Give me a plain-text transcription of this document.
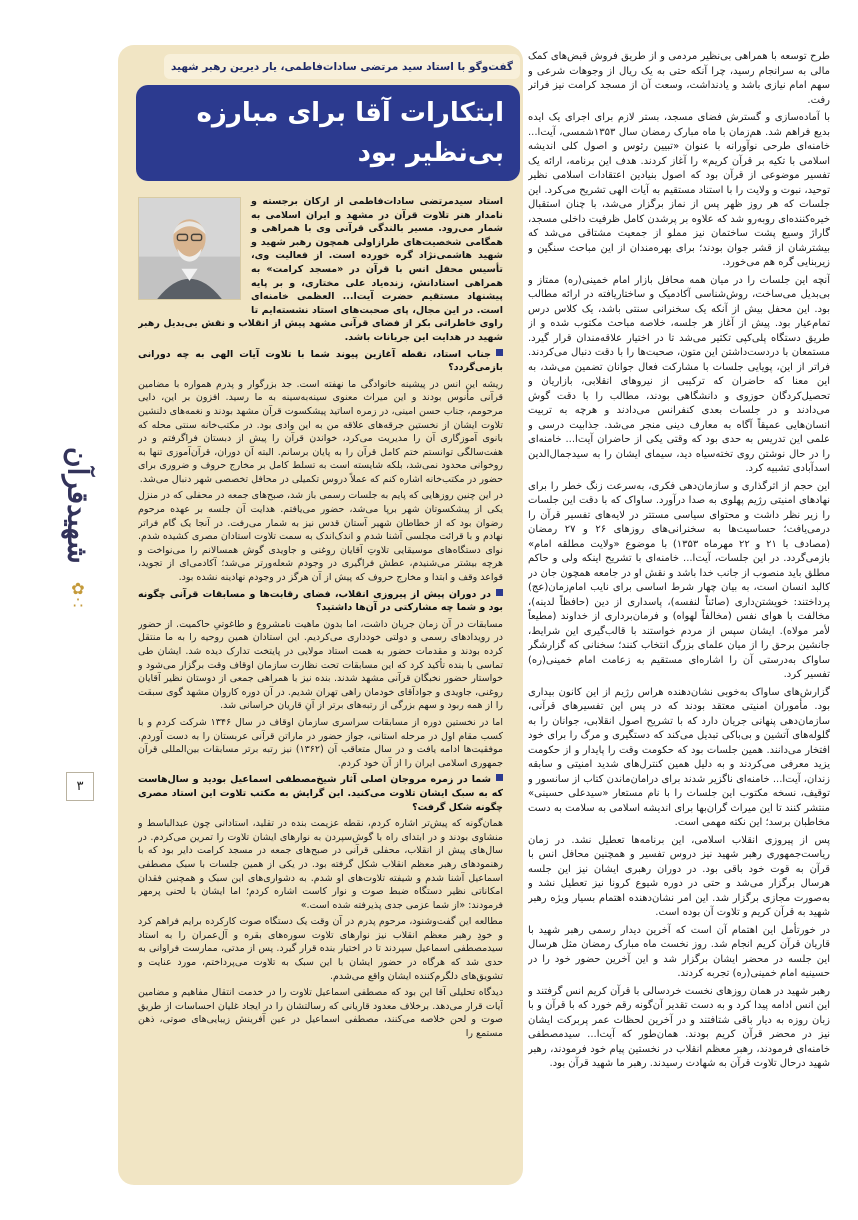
شهیدقرآن
✿
∴
۳
گفت‌وگو با استاد سید مرتضی سادات‌فاطمی، یار دیرین رهبر شهید
ابتکارات آقا برای مبارزه
بی‌نظیر بود

استاد سیدمرتضی سادات‌فاطمی از ارکان برجسته و نامدار هنر تلاوت قرآن در مشهد و ایران اسلامی به شمار می‌رود. مسیر بالندگی قرآنی وی با همراهی و همگامی شخصیت‌های طرازاولی همچون رهبر شهید و شهید هاشمی‌نژاد گره خورده است. از فعالیت وی، تأسیس محفل انس با قرآن در «مسجد کرامت» به همراهی استادانش، زنده‌یاد علی مختاری، و بر پایه پیشنهاد مستقیم حضرت آیت‌ا... العظمی خامنه‌ای است. در این مجال، پای صحبت‌های استاد نشسته‌ایم تا راوی خاطراتی بکر از فضای قرآنی مشهد پیش از انقلاب و نقش بی‌بدیل رهبر شهید در هدایت این جریانات باشد.

جناب استاد، نقطه آغازین پیوند شما با تلاوت آیات الهی به چه دورانی بازمی‌گردد؟

ریشه این انس در پیشینه خانوادگی ما نهفته است. جد بزرگوار و پدرم همواره با مضامین قرآنی مأنوس بودند و این میراث معنوی سینه‌به‌سینه به ما رسید. افزون بر این، دایی مرحومم، جناب حسن امینی، در زمره اساتید پیشکسوت قرآن مشهد بودند و نغمه‌های دلنشین تلاوت ایشان از نخستین جرقه‌های علاقه من به این وادی بود. در مکتب‌خانه سنتی محله که بانوی آموزگاری آن را مدیریت می‌کرد، خواندن قرآن را پیش از دبستان فراگرفتم و در هفت‌سالگی توانستم ختم کامل قرآن را به پایان برسانم. البته آن دوران، قرآن‌آموزی تنها به روخوانی محدود نمی‌شد، بلکه شایسته است به تسلط کامل بر مخارج حروف و ضروری برای حضور در مکتب‌خانه اشاره کنم که عملاً دروس تکمیلی در محافل تخصصی شهر دنبال می‌شد.

در این چنین روزهایی که پایم به جلسات رسمی باز شد، صبح‌های جمعه در محفلی که در منزل یکی از پیشکسوتان شهر برپا می‌شد، حضور می‌یافتم. هدایت آن جلسه بر عهده مرحوم رضوان بود که از خطاطان شهیر آستان قدس نیز به شمار می‌رفت. در آنجا یک گام فراتر نهادم و با قرائت مجلسی آشنا شدم و اندک‌اندک به سمت تلاوت استادان مصری کشیده شدم. نوای دستگاه‌های موسیقایی تلاوتِ آقایان روغنی و جاویدی گوش همسالانم را می‌نواخت و هرچه بیشتر می‌شنیدم، عطش فراگیری در وجودم شعله‌ورتر می‌شد؛ آکادمی‌ای از تجوید، قواعد وقف و ابتدا و مخارج حروف که پیش از آن هرگز در وجودم نهادینه نشده بود.

در دوران پیش از پیروزی انقلاب، فضای رقابت‌ها و مسابقات قرآنی چگونه بود و شما چه مشارکتی در آن‌ها داشتید؟

مسابقات در آن زمان جریان داشت، اما بدون ماهیت نامشروع و طاغوتیِ حاکمیت. از حضور در رویدادهای رسمی و دولتی خودداری می‌کردیم. این استادان همین روحیه را به ما منتقل کرده بودند و مقدمات حضور به همت استاد مولایی در پایتخت تدارک دیده شد. ایشان طی تماسی با بنده تأکید کرد که این مسابقات تحت نظارت سازمان اوقاف وقت برگزار می‌شود و خواستار حضور نخبگان قرآنی مشهد شدند. بنده نیز با همراهی جمعی از دوستان نظیر آقایان روغنی، جاویدی و جوادآقای خودمان راهی تهران شدیم. در آن دوره کاروان مشهد گوی سبقت را از همه ربود و سهم بزرگی از رتبه‌های برتر از آنِ قاریان خراسانی شد.

اما در نخستین دوره از مسابقات سراسری سازمان اوقاف در سال ۱۳۴۶ شرکت کردم و با کسب مقام اول در مرحله استانی، جواز حضور در ماراتن قرآنی عربستان را به دست آوردم. موفقیت‌ها ادامه یافت و در سال متعاقب آن (۱۳۶۲) نیز رتبه برتر مسابقات بین‌المللی قرآن جمهوری اسلامی ایران را از آن خود کردم.

شما در زمره مروجان اصلی آثار شیخ‌مصطفی اسماعیل بودید و سال‌هاست که به سبک ایشان تلاوت می‌کنید. این گرایش به مکتب تلاوت این استاد مصری چگونه شکل گرفت؟

همان‌گونه که پیش‌تر اشاره کردم، نقطه عزیمت بنده در تقلید، استادانی چون عبدالباسط و منشاوی بودند و در ابتدای راه با گوش‌سپردن به نوارهای ایشان تلاوت را تمرین می‌کردم. در سال‌های پیش از انقلاب، محفلی قرآنی در صبح‌های جمعه در مسجد کرامت دایر بود که با رهنمودهای رهبر معظم انقلاب شکل گرفته بود. در یکی از همین جلسات با سبک مصطفی اسماعیل آشنا شدم و شیفته تلاوت‌های او شدم. به دشواری‌های این سبک و همچنین فقدان امکاناتی نظیر دستگاه ضبط صوت و نوار کاست اشاره کردم؛ اما ایشان با لحنی پرمهر فرمودند: «از شما عزمی جدی پذیرفته شده است.»

مطالعه این گفت‌وشنود، مرحوم پدرم در آن وقت یک دستگاه صوت کارکرده برایم فراهم کرد و خودِ رهبر معظم انقلاب نیز نوارهای تلاوت سوره‌های بقره و آل‌عمران را به استاد سیدمصطفی اسماعیل سپردند تا در اختیار بنده قرار گیرد. پس از مدتی، ممارست فراوانی به حدی شد که هرگاه در حضور ایشان با این سبک به تلاوت می‌پرداختم، مورد عنایت و تشویق‌های دلگرم‌کننده ایشان واقع می‌شدم.

دیدگاه تحلیلی آقا این بود که مصطفی اسماعیل تلاوت را در خدمت انتقال مفاهیم و مضامین آیات قرار می‌دهد. برخلاف معدود قاریانی که رسالتشان را در ایجاد غلیان احساسات از طریق صوت و لحن خلاصه می‌کنند، مصطفی اسماعیل در عین آفرینش زیبایی‌های صوتی، ذهن مستمع را

طرح توسعه با همراهی بی‌نظیر مردمی و از طریق فروش قبض‌های کمک مالی به سرانجام رسید، چرا آنکه حتی به یک ریال از وجوهات شرعی و سهم امام نیازی باشد و یادنداشت، وسعت آن از مسجد کرامت نیز فراتر رفت.

با آماده‌سازی و گسترش فضای مسجد، بستر لازم برای اجرای یک ایده بدیع فراهم شد. هم‌زمان با ماه مبارک رمضان سال ۱۳۵۳شمسی، آیت‌ا... خامنه‌ای طرحی نوآورانه با عنوان «تبیین رئوس و اصول کلی اندیشه اسلامی با تکیه بر قرآن کریم» را آغاز کردند. هدف این برنامه، ارائه یک تفسیر موضوعی از قرآن بود که اصول بنیادین اعتقادات اسلامی نظیر توحید، نبوت و ولایت را با استناد مستقیم به آیات الهی تشریح می‌کرد. این جلسات که هر روز ظهر پس از نماز برگزار می‌شد، با چنان استقبال خیره‌کننده‌ای روبه‌رو شد که علاوه بر پرشدن کامل ظرفیت داخلی مسجد، گاراژ وسیع پشت ساختمان نیز مملو از جمعیت مشتاقی می‌شد که بیشترشان از قشر جوان بودند؛ برای بهره‌مندان از این مباحث سنگین و زیربنایی گره هم می‌خورد.

آنچه این جلسات را در میان همه محافل بازار امام خمینی(ره) ممتاز و بی‌بدیل می‌ساخت، روش‌شناسی آکادمیک و ساختاریافته در ارائه مطالب بود. این محفل بیش از آنکه یک سخنرانی سنتی باشد، یک کلاس درس تمام‌عیار بود. پیش از آغاز هر جلسه، خلاصه مباحث مکتوب شده و از طریق دستگاه پلی‌کپی تکثیر می‌شد تا در اختیار علاقه‌مندان قرار گیرد. مستمعان با دردست‌داشتن این متون، صحبت‌ها را با دقت دنبال می‌کردند. فراتر از این، پویایی جلسات با مشارکت فعال جوانان تضمین می‌شد، به این معنا که حاضران که ترکیبی از نیروهای انقلابی، بازاریان و تحصیل‌کردگان حوزوی و دانشگاهی بودند، مطالب را با دقت گوش می‌دادند و در جلسات بعدی کنفرانس می‌دادند و هرچه به تربیت انسان‌هایی عمیقاً آگاه به معارف دینی منجر می‌شد. جذابیت درسی و علمی این تدریس به حدی بود که وقتی یکی از حاضران آیت‌ا... خامنه‌ای را در حال نوشتن روی تخته‌سیاه دید، سیمای ایشان را به سیدجمال‌الدین اسدآبادی تشبیه کرد.

این حجم از اثرگذاری و سازمان‌دهی فکری، به‌سرعت زنگ خطر را برای نهادهای امنیتی رژیم پهلوی به صدا درآورد. ساواک که با دقت این جلسات را زیر نظر داشت و محتوای سیاسی مستتر در لایه‌های تفسیر قرآن را درمی‌یافت؛ حساسیت‌ها به سخنرانی‌های روزهای ۲۶ و ۲۷ رمضان (مصادف با ۲۱ و ۲۲ مهرماه ۱۳۵۳) با موضوع «ولایت مطلقه امام» بازمی‌گردد. در این جلسات، آیت‌ا... خامنه‌ای با تشریح اینکه ولی و حاکم مطلق باید منصوب از جانب خدا باشد و نقش او در جامعه همچون جان در کالبد انسان است، به بیان چهار شرط اساسی برای نایب امام‌زمان(عج) پرداختند: خویشتن‌داری (صائناً لنفسه)، پاسداری از دین (حافظاً لدینه)، مخالفت با هوای نفس (مخالفاً لهواه) و فرمان‌برداری از خداوند (مطیعاً لأمر مولاه). ایشان سپس از مردم خواستند با قالب‌گیری این شرایط، جانشین برحق را از میان علمای بزرگ انتخاب کنند؛ سخنانی که گزارشگر ساواک به‌درستی آن را اشاره‌ای مستقیم به زعامت امام خمینی(ره) تفسیر کرد.

گزارش‌های ساواک به‌خوبی نشان‌دهنده هراس رژیم از این کانون بیداری بود. مأموران امنیتی معتقد بودند که در پس این تفسیرهای قرآنی، سازمان‌دهی پنهانی جریان دارد که با تشریح اصول انقلابی، جوانان را به گلوله‌های آتشین و بی‌باکی تبدیل می‌کند که دستگیری و مرگ را برای خود افتخار می‌دانند. همین جلسات بود که حکومت وقت را پایدار و از حکومت یزید معرفی می‌کردند و به دلیل همین کنترل‌های شدید امنیتی و سابقه زندان، آیت‌ا... خامنه‌ای ناگزیر شدند برای درامان‌ماندن کتاب از سانسور و توقیف، نسخه مکتوب این جلسات را با نام مستعار «سیدعلی حسینی» منتشر کنند تا این میراث گران‌بها برای اندیشه اسلامی به سلامت به دست مخاطبان برسد؛ این نکته مهمی است.

پس از پیروزی انقلاب اسلامی، این برنامه‌ها تعطیل نشد. در زمان ریاست‌جمهوری رهبر شهید نیز دروس تفسیر و همچنین محافل انس با قرآن به قوت خود باقی بود. در دوران رهبری ایشان نیز این جلسه هرسال برگزار می‌شد و حتی در دوره شیوع کرونا نیز تعطیل نشد و به‌صورت مجازی برگزار شد. این امر نشان‌دهنده اهتمام بسیار ویژه رهبر شهید به قرآن کریم و تلاوت آن بوده است.

در خورتأمل این اهتمام آن است که آخرین دیدار رسمی رهبر شهید با قاریان قرآن کریم انجام شد. روز نخست ماه مبارک رمضان مثل هرسال این جلسه در محضر ایشان برگزار شد و این آخرین حضور خود را در حسینیه امام خمینی(ره) تجربه کردند.

رهبر شهید در همان روزهای نخست خردسالی با قرآن کریم انس گرفتند و این انس ادامه پیدا کرد و به دست تقدیر آن‌گونه رقم خورد که با قرآن و با زبان روزه به دیار باقی شتافتند و در آخرین لحظات عمر پربرکت ایشان نیز در محضر قرآن کریم بودند. همان‌طور که آیت‌ا... سیدمصطفی خامنه‌ای فرمودند، رهبر معظم انقلاب در نخستین پیام خود فرمودند، رهبر شهید درحال تلاوت قرآن به شهادت رسیدند. رهبر ما شهید قرآن بود.
